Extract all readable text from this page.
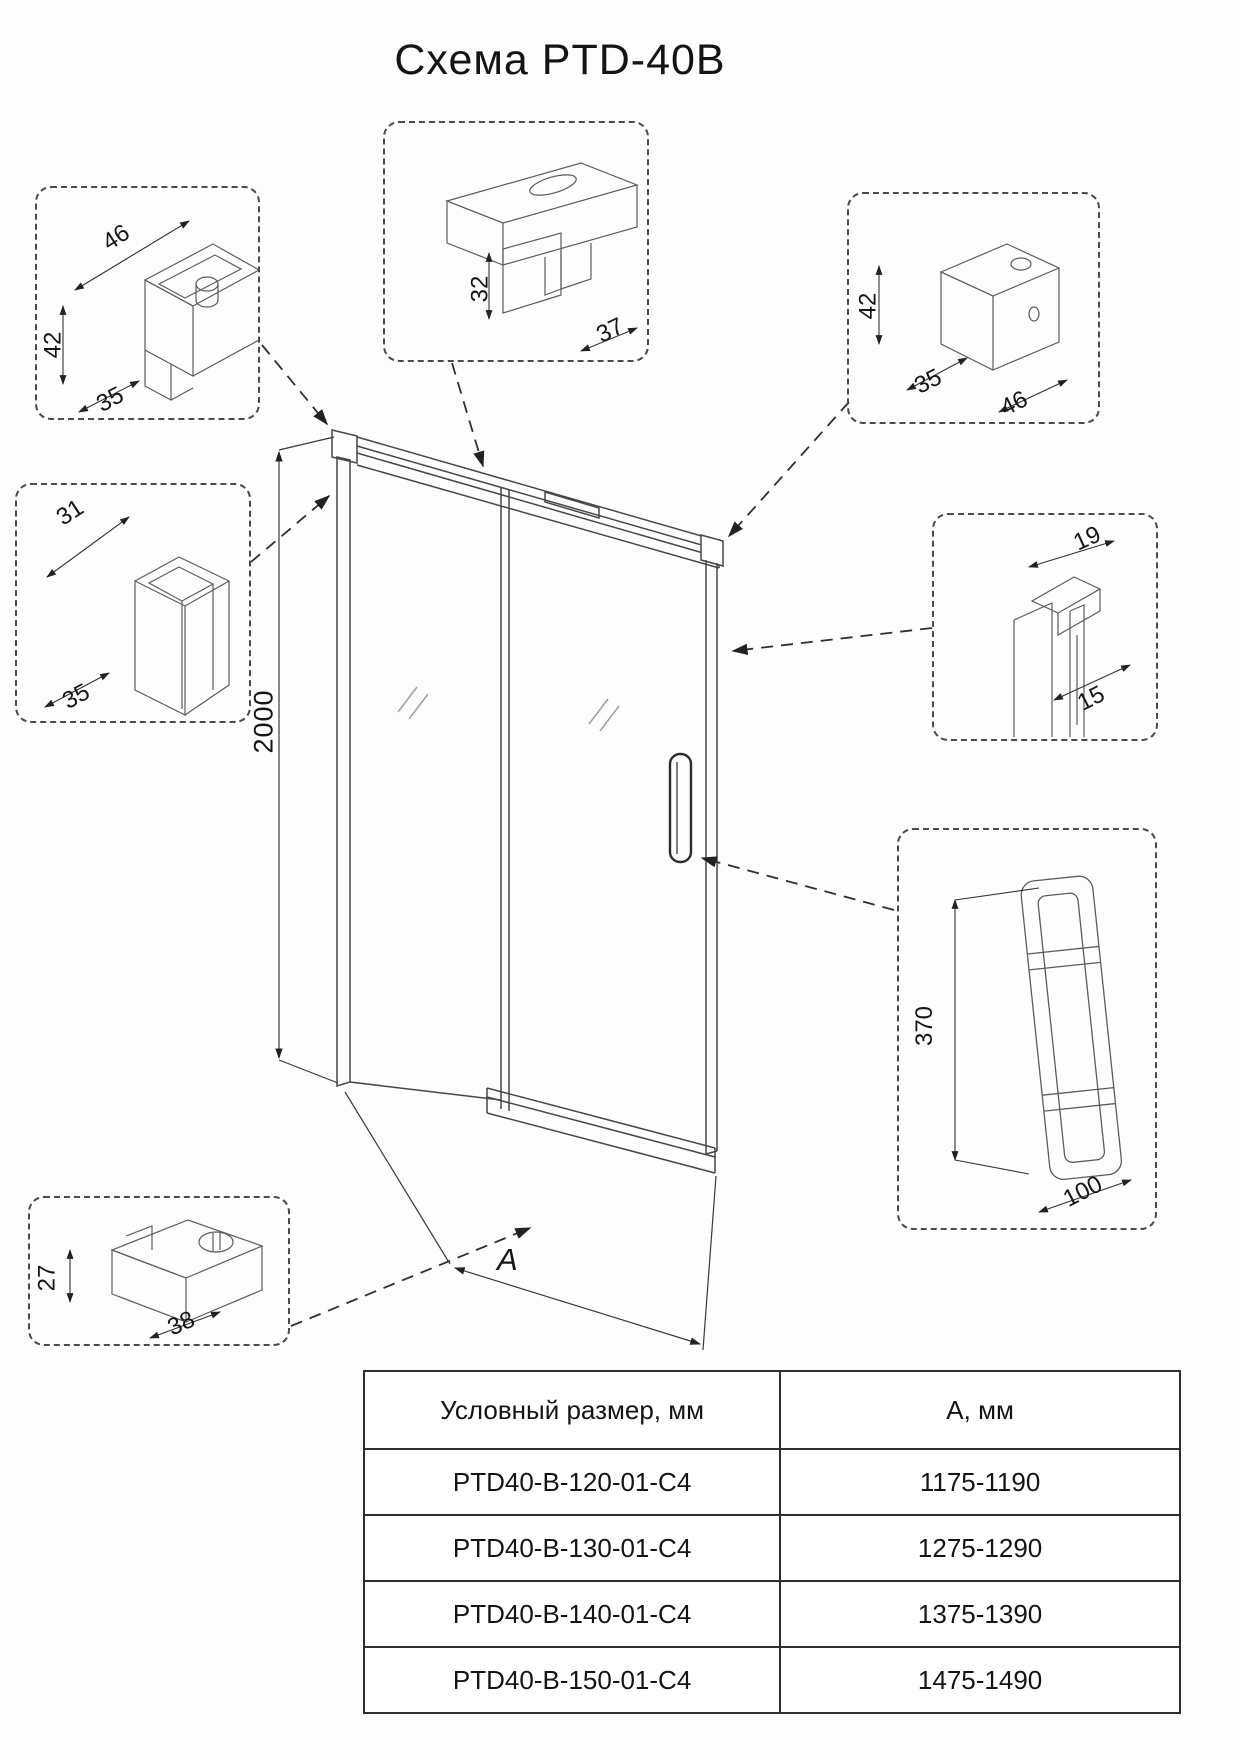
Схема PTD-40B
2000
A
46
42
35
32
37
42
35
46
31
35
19
15
370
100
27
38
Условный размер, мм	А, мм
PTD40-B-120-01-C4	1175-1190
PTD40-B-130-01-C4	1275-1290
PTD40-B-140-01-C4	1375-1390
PTD40-B-150-01-C4	1475-1490
